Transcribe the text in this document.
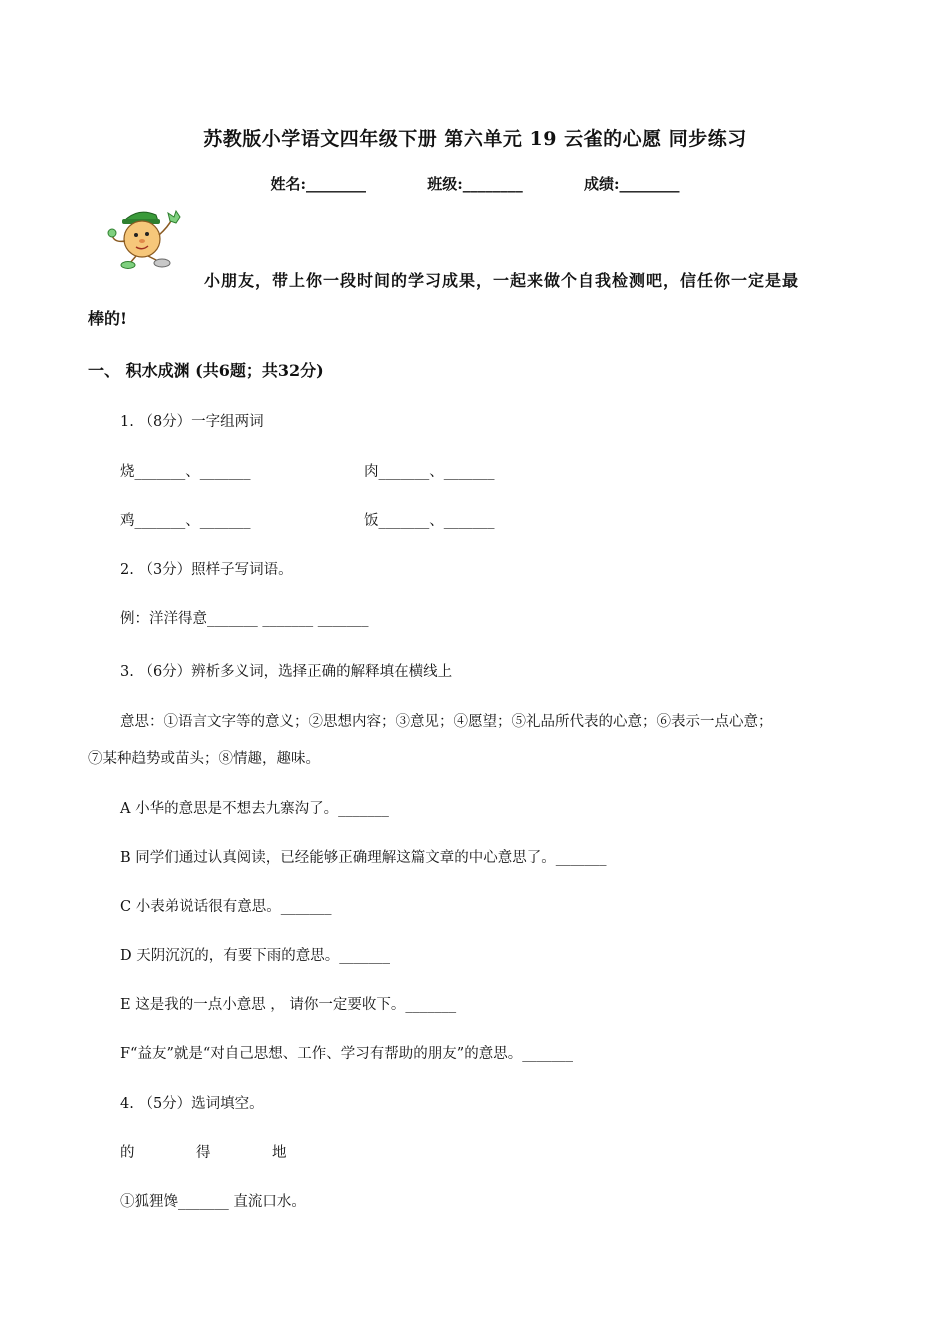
苏教版小学语文四年级下册 第六单元 19 云雀的心愿 同步练习
姓名:________	班级:________	成绩:________
小朋友，带上你一段时间的学习成果，一起来做个自我检测吧，信任你一定是最
棒的!
一、 积水成渊 (共6题；共32分)
1. （8分）一字组两词
烧_______、_______	肉_______、_______
鸡_______、_______	饭_______、_______
2. （3分）照样子写词语。
例：洋洋得意_______ _______ _______
3. （6分）辨析多义词，选择正确的解释填在横线上
意思：①语言文字等的意义；②思想内容；③意见；④愿望；⑤礼品所代表的心意；⑥表示一点心意；
⑦某种趋势或苗头；⑧情趣，趣味。
A 小华的意思是不想去九寨沟了。_______
B 同学们通过认真阅读，已经能够正确理解这篇文章的中心意思了。_______
C 小表弟说话很有意思。_______
D 天阴沉沉的，有要下雨的意思。_______
E 这是我的一点小意思 ， 请你一定要收下。_______
F“益友”就是“对自己思想、工作、学习有帮助的朋友”的意思。_______
4. （5分）选词填空。
的	得	地
①狐狸馋_______ 直流口水。
